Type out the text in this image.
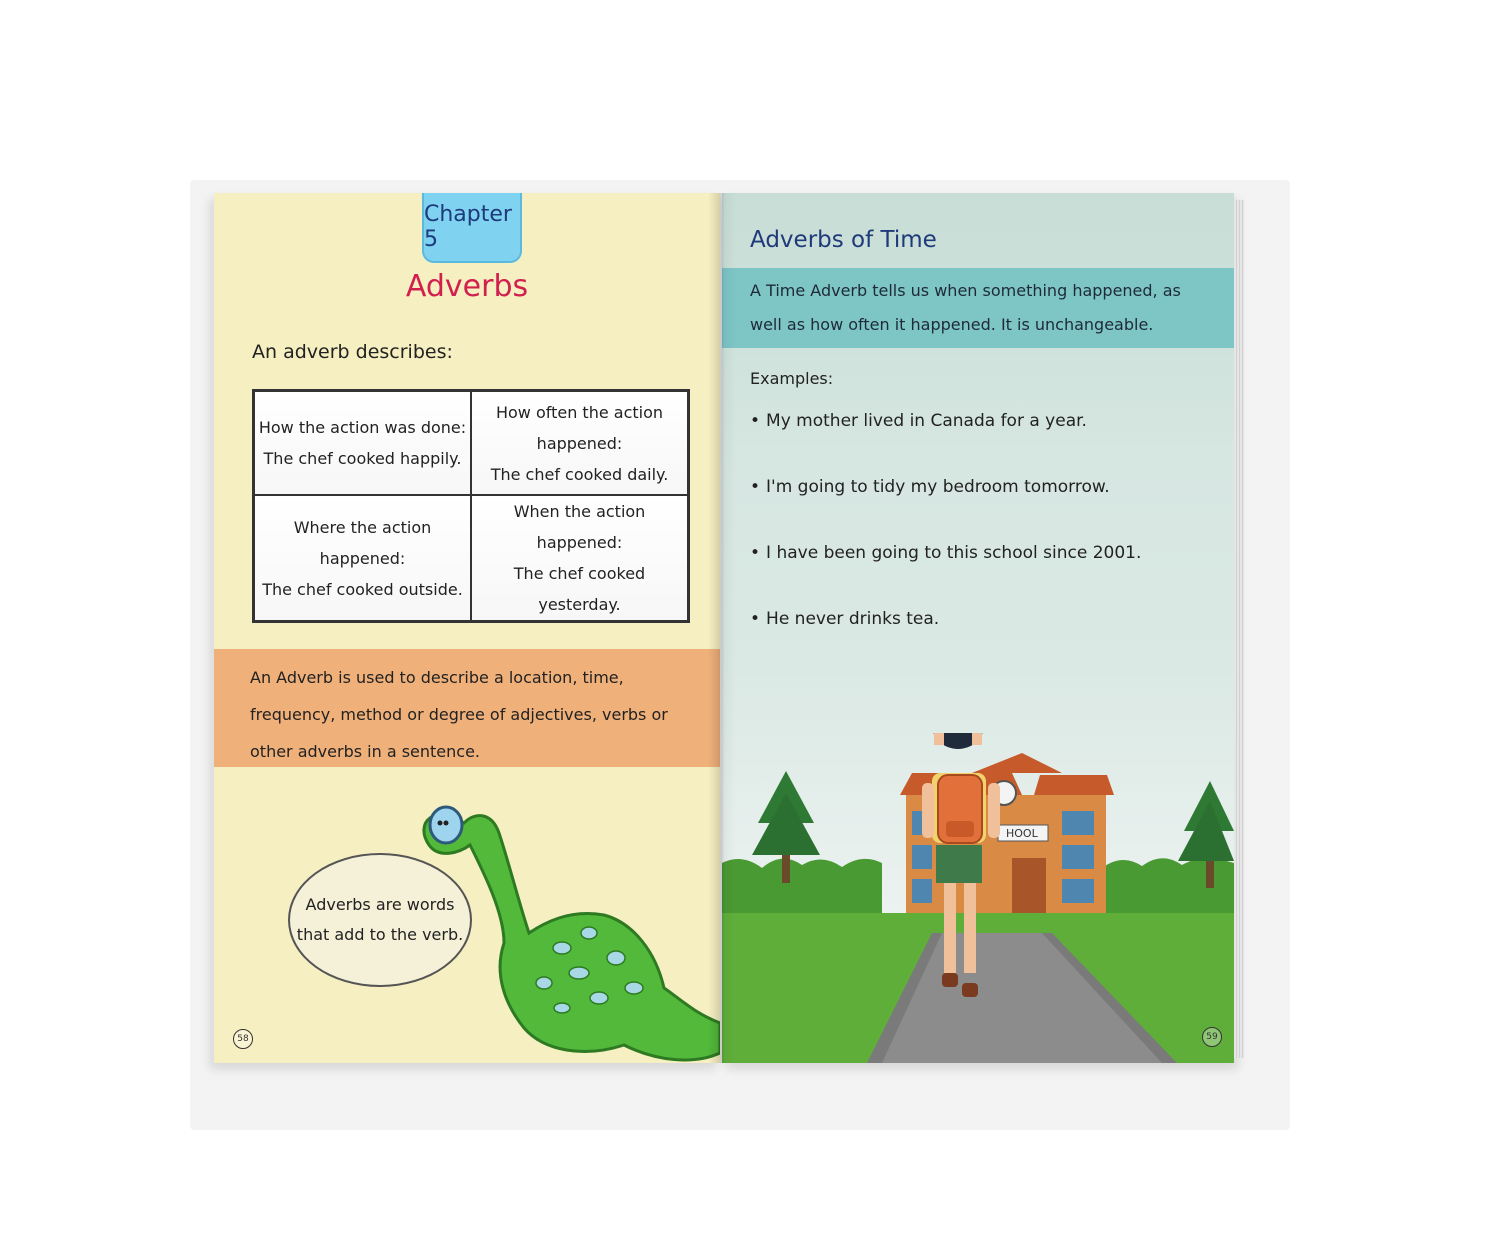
Chapter 5
Adverbs
An adverb describes:
How the action was done:
The chef cooked happily.
How often the action
happened:
The chef cooked daily.
Where the action happened:
The chef cooked outside.
When the action happened:
The chef cooked yesterday.
An Adverb is used to describe a location, time, frequency, method or degree of adjectives, verbs or other adverbs in a sentence.
Adverbs are words
that add to the verb.
58
Adverbs of Time
A Time Adverb tells us when something happened, as well as how often it happened. It is unchangeable.
Examples:
• My mother lived in Canada for a year.
• I'm going to tidy my bedroom tomorrow.
• I have been going to this school since 2001.
• He never drinks tea.
HOOL
59
